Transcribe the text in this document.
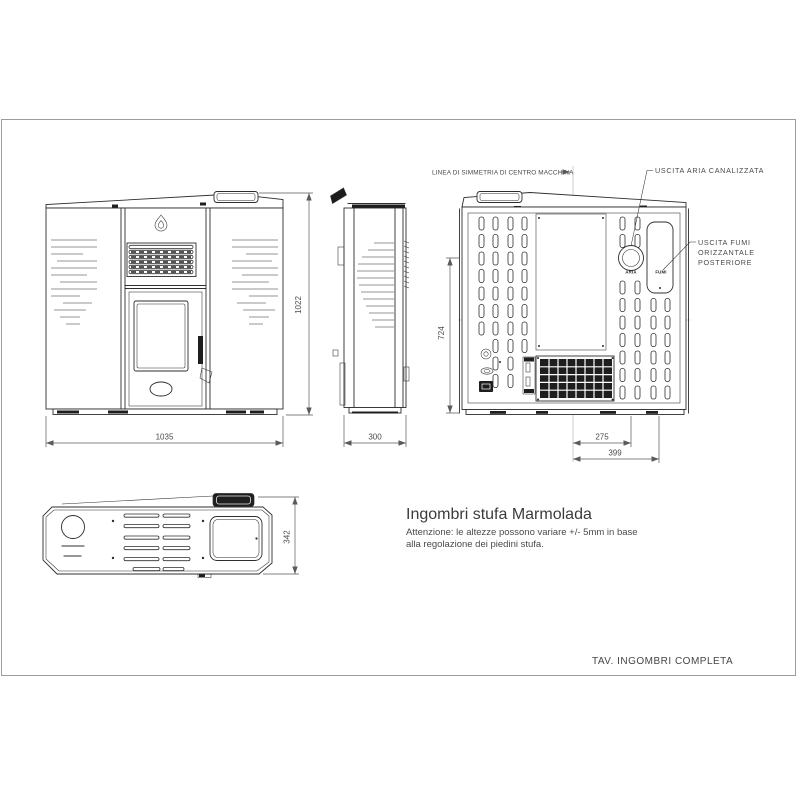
1035
1022
300
ARIA	FUMI
724
275
399
LINEA DI SIMMETRIA DI CENTRO MACCHINA	USCITA ARIA CANALIZZATA
USCITA FUMI
ORIZZANTALE
POSTERIORE
342
Ingombri stufa Marmolada
Attenzione: le altezze possono variare +/- 5mm in base
alla regolazione dei piedini stufa.
TAV. INGOMBRI COMPLETA
